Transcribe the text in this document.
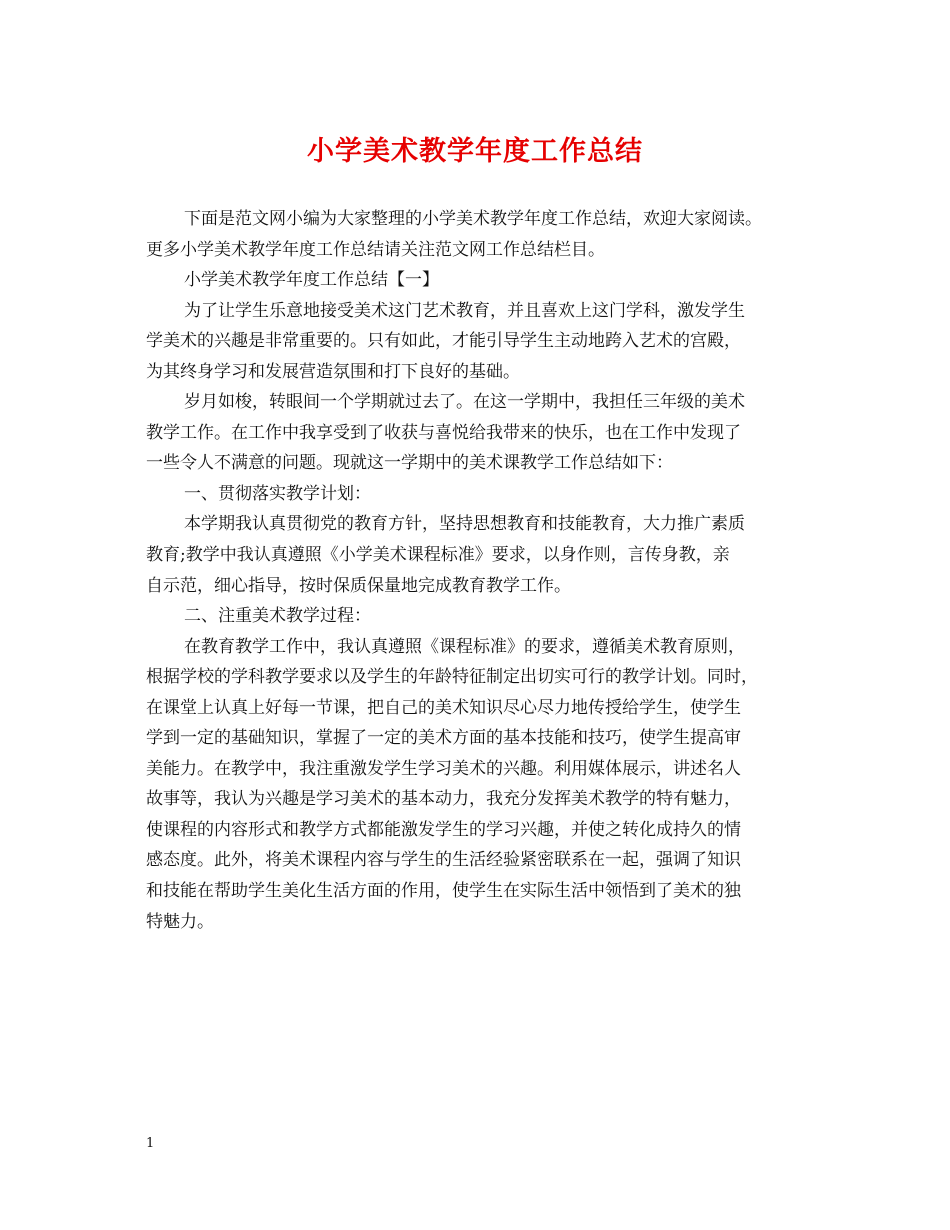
小学美术教学年度工作总结
下面是范文网小编为大家整理的小学美术教学年度工作总结，欢迎大家阅读。
更多小学美术教学年度工作总结请关注范文网工作总结栏目。
小学美术教学年度工作总结【一】
为了让学生乐意地接受美术这门艺术教育，并且喜欢上这门学科，激发学生
学美术的兴趣是非常重要的。只有如此，才能引导学生主动地跨入艺术的宫殿，
为其终身学习和发展营造氛围和打下良好的基础。
岁月如梭，转眼间一个学期就过去了。在这一学期中，我担任三年级的美术
教学工作。在工作中我享受到了收获与喜悦给我带来的快乐，也在工作中发现了
一些令人不满意的问题。现就这一学期中的美术课教学工作总结如下：
一、贯彻落实教学计划：
本学期我认真贯彻党的教育方针，坚持思想教育和技能教育，大力推广素质
教育;教学中我认真遵照《小学美术课程标准》要求，以身作则，言传身教，亲
自示范，细心指导，按时保质保量地完成教育教学工作。
二、注重美术教学过程：
在教育教学工作中，我认真遵照《课程标准》的要求，遵循美术教育原则，
根据学校的学科教学要求以及学生的年龄特征制定出切实可行的教学计划。同时，
在课堂上认真上好每一节课，把自己的美术知识尽心尽力地传授给学生，使学生
学到一定的基础知识，掌握了一定的美术方面的基本技能和技巧，使学生提高审
美能力。在教学中，我注重激发学生学习美术的兴趣。利用媒体展示，讲述名人
故事等，我认为兴趣是学习美术的基本动力，我充分发挥美术教学的特有魅力，
使课程的内容形式和教学方式都能激发学生的学习兴趣，并使之转化成持久的情
感态度。此外，将美术课程内容与学生的生活经验紧密联系在一起，强调了知识
和技能在帮助学生美化生活方面的作用，使学生在实际生活中领悟到了美术的独
特魅力。
1
